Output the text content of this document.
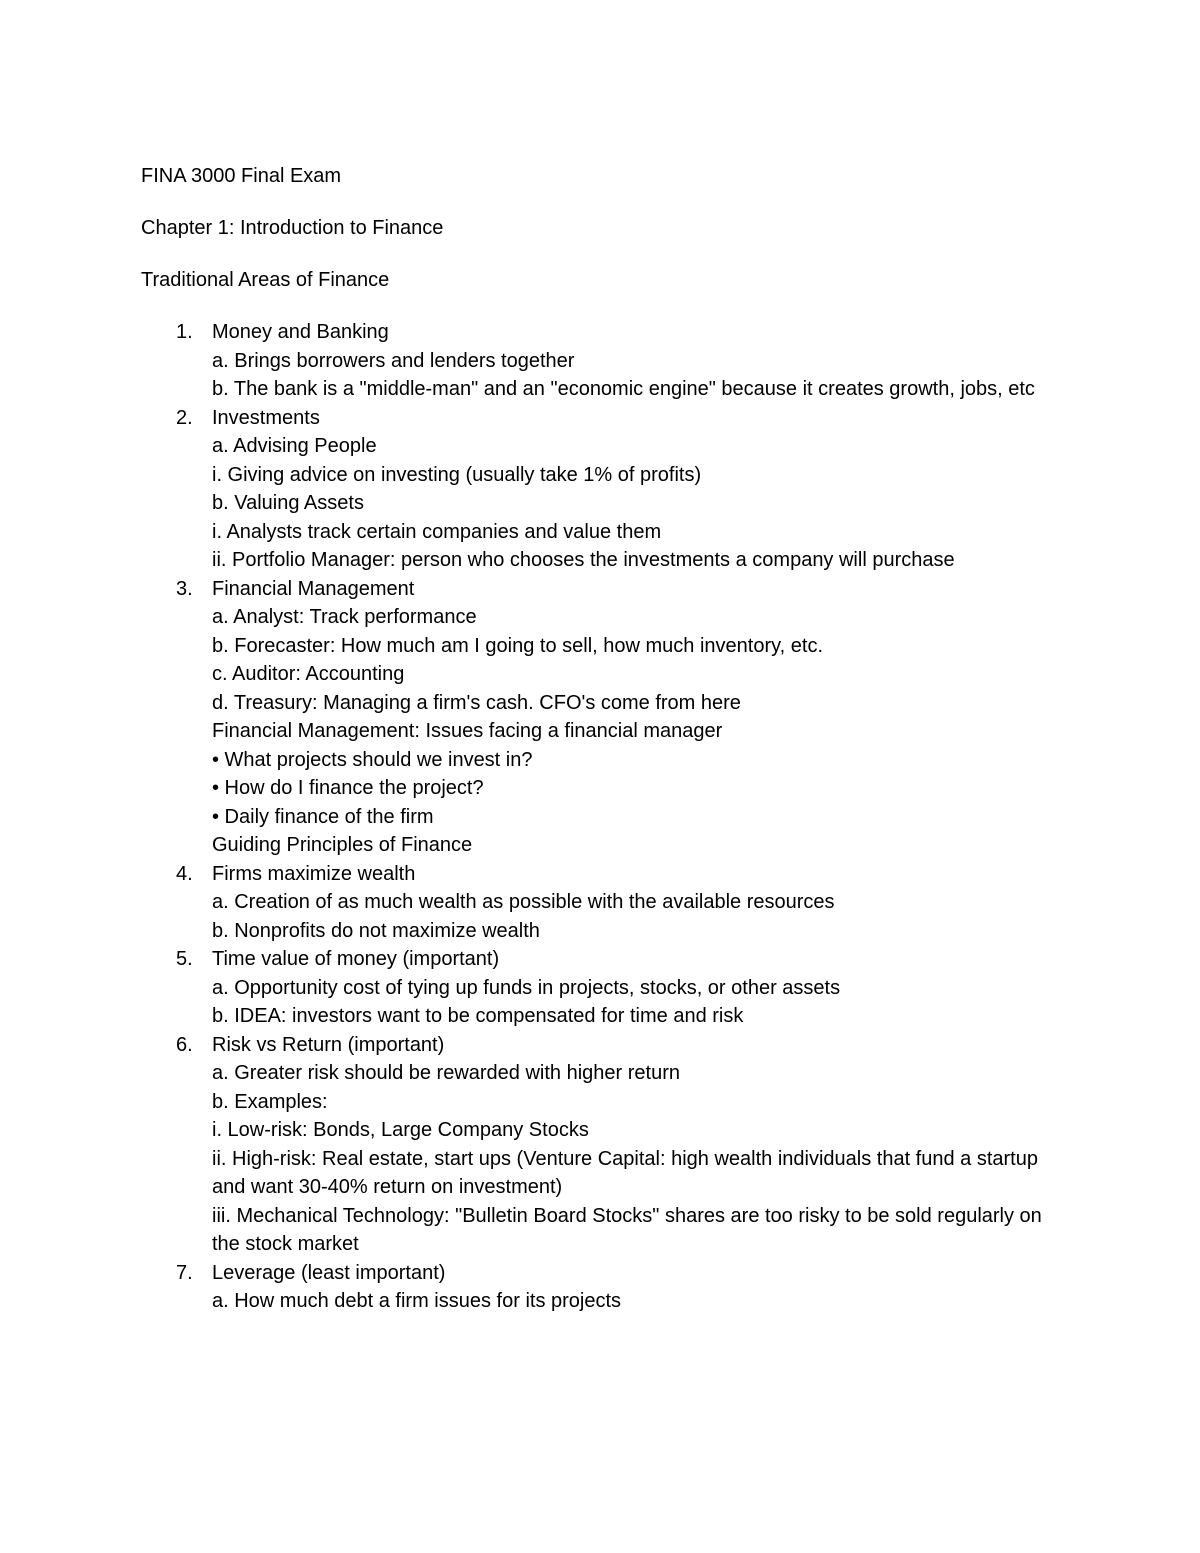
FINA 3000 Final Exam

Chapter 1: Introduction to Finance

Traditional Areas of Finance

1. Money and Banking
a. Brings borrowers and lenders together
b. The bank is a "middle-man" and an "economic engine" because it creates growth, jobs, etc
2. Investments
a. Advising People
i. Giving advice on investing (usually take 1% of profits)
b. Valuing Assets
i. Analysts track certain companies and value them
ii. Portfolio Manager: person who chooses the investments a company will purchase
3. Financial Management
a. Analyst: Track performance
b. Forecaster: How much am I going to sell, how much inventory, etc.
c. Auditor: Accounting
d. Treasury: Managing a firm's cash. CFO's come from here
Financial Management: Issues facing a financial manager
• What projects should we invest in?
• How do I finance the project?
• Daily finance of the firm
Guiding Principles of Finance
4. Firms maximize wealth
a. Creation of as much wealth as possible with the available resources
b. Nonprofits do not maximize wealth
5. Time value of money (important)
a. Opportunity cost of tying up funds in projects, stocks, or other assets
b. IDEA: investors want to be compensated for time and risk
6. Risk vs Return (important)
a. Greater risk should be rewarded with higher return
b. Examples:
i. Low-risk: Bonds, Large Company Stocks
ii. High-risk: Real estate, start ups (Venture Capital: high wealth individuals that fund a startup and want 30-40% return on investment)
iii. Mechanical Technology: "Bulletin Board Stocks" shares are too risky to be sold regularly on the stock market
7. Leverage (least important)
a. How much debt a firm issues for its projects
